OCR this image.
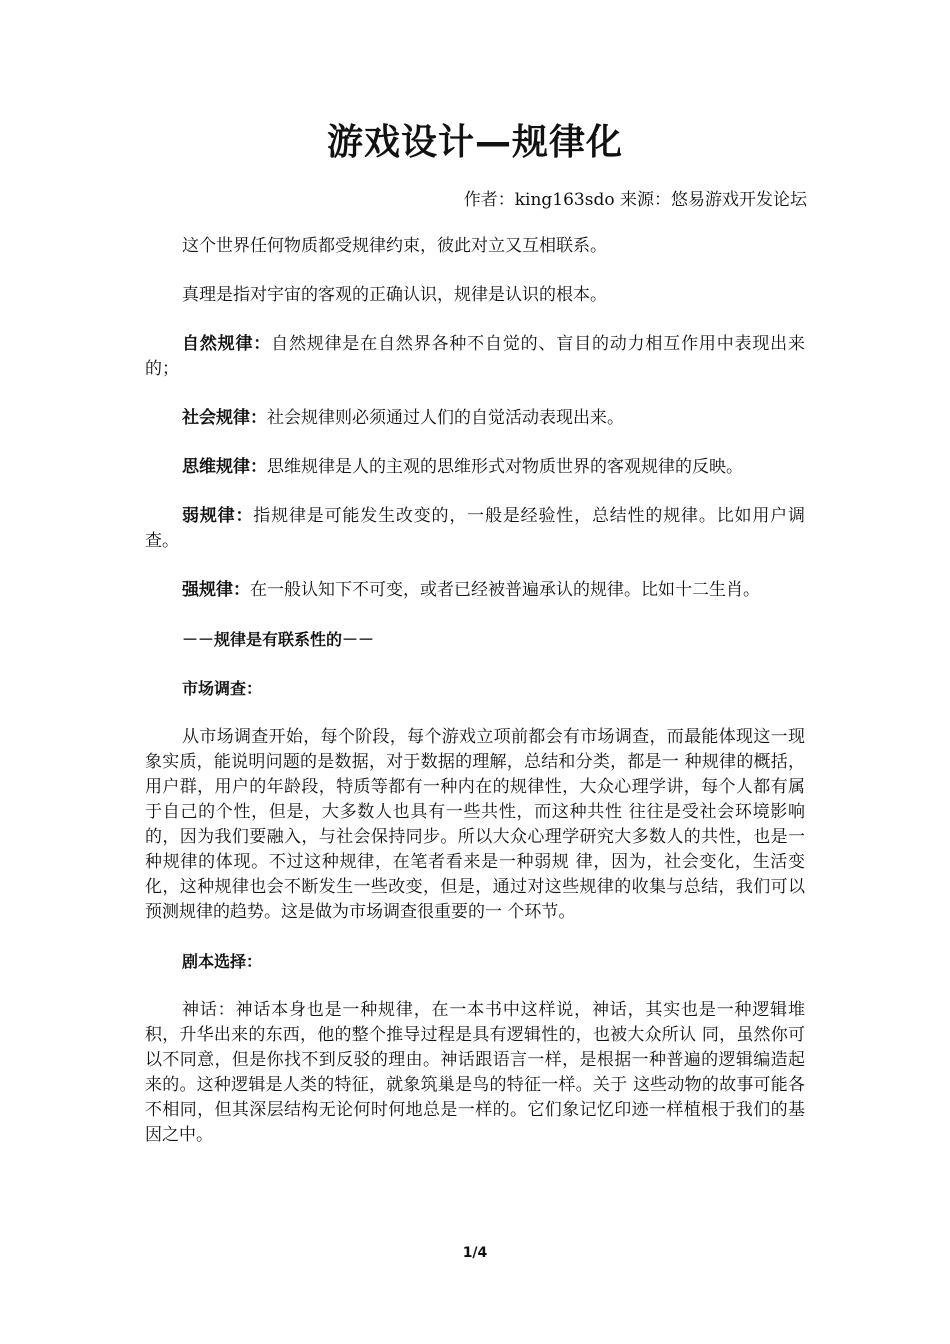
游戏设计—规律化
作者：king163sdo 来源：悠易游戏开发论坛

这个世界任何物质都受规律约束，彼此对立又互相联系。

真理是指对宇宙的客观的正确认识，规律是认识的根本。

自然规律：自然规律是在自然界各种不自觉的、盲目的动力相互作用中表现出来的；

社会规律：社会规律则必须通过人们的自觉活动表现出来。

思维规律：思维规律是人的主观的思维形式对物质世界的客观规律的反映。

弱规律：指规律是可能发生改变的，一般是经验性，总结性的规律。比如用户调查。

强规律：在一般认知下不可变，或者已经被普遍承认的规律。比如十二生肖。

－－规律是有联系性的－－

市场调查：

从市场调查开始，每个阶段，每个游戏立项前都会有市场调查，而最能体现这一现象实质，能说明问题的是数据，对于数据的理解，总结和分类，都是一 种规律的概括，用户群，用户的年龄段，特质等都有一种内在的规律性，大众心理学讲，每个人都有属于自己的个性，但是，大多数人也具有一些共性，而这种共性 往往是受社会环境影响的，因为我们要融入，与社会保持同步。所以大众心理学研究大多数人的共性，也是一种规律的体现。不过这种规律，在笔者看来是一种弱规 律，因为，社会变化，生活变化，这种规律也会不断发生一些改变，但是，通过对这些规律的收集与总结，我们可以预测规律的趋势。这是做为市场调查很重要的一 个环节。

剧本选择：

神话：神话本身也是一种规律，在一本书中这样说，神话，其实也是一种逻辑堆积，升华出来的东西，他的整个推导过程是具有逻辑性的，也被大众所认 同，虽然你可以不同意，但是你找不到反驳的理由。神话跟语言一样，是根据一种普遍的逻辑编造起来的。这种逻辑是人类的特征，就象筑巢是鸟的特征一样。关于 这些动物的故事可能各不相同，但其深层结构无论何时何地总是一样的。它们象记忆印迹一样植根于我们的基因之中。

1/4
